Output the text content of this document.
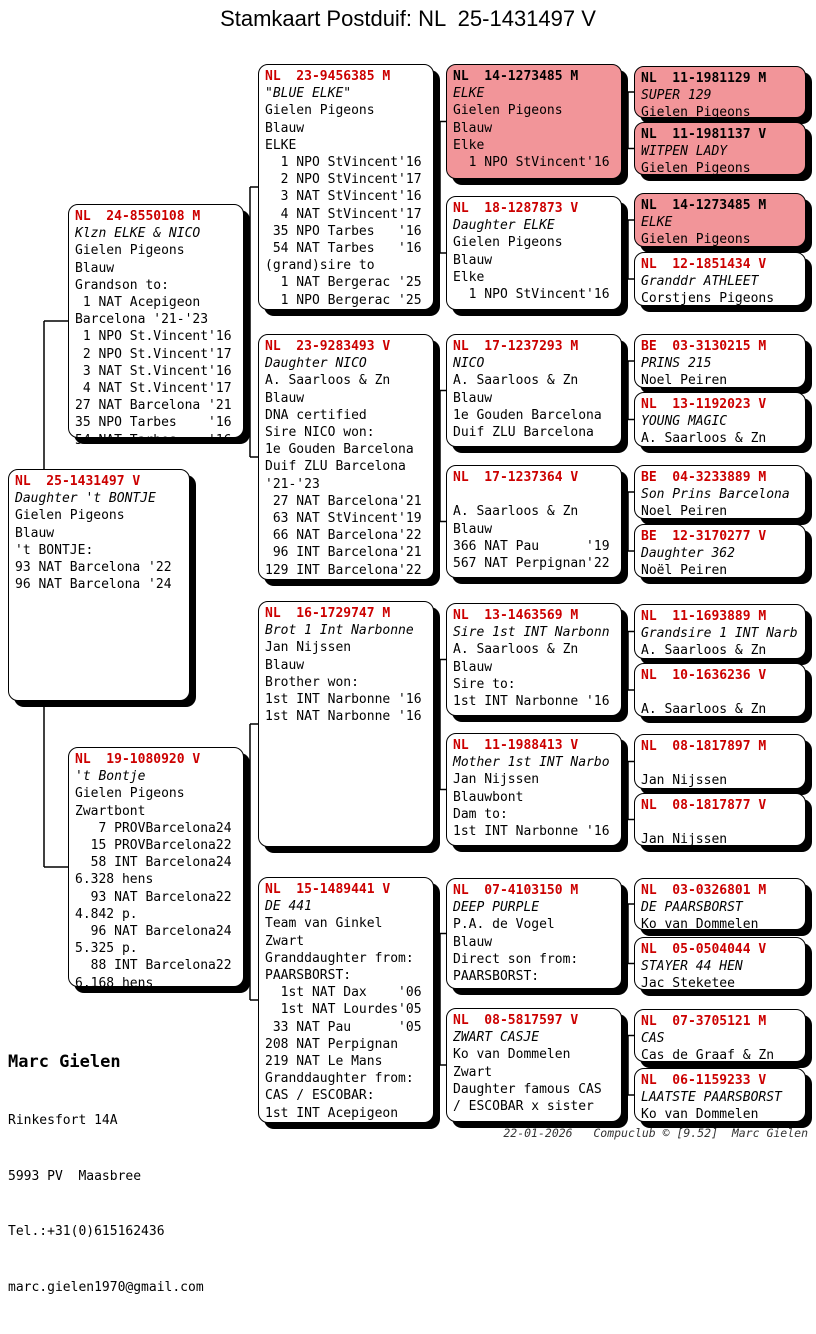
Stamkaart Postduif: NL  25-1431497 V
NL  25-1431497 V
Daughter 't BONTJE
Gielen Pigeons
Blauw
't BONTJE:
93 NAT Barcelona '22
96 NAT Barcelona '24
NL  24-8550108 M
Klzn ELKE & NICO
Gielen Pigeons
Blauw
Grandson to:
1 NAT Acepigeon
Barcelona '21-'23
1 NPO St.Vincent'16
2 NPO St.Vincent'17
3 NAT St.Vincent'16
4 NAT St.Vincent'17
27 NAT Barcelona '21
35 NPO Tarbes    '16
54 NAT Tarbes    '16
NL  19-1080920 V
't Bontje
Gielen Pigeons
Zwartbont
7 PROVBarcelona24
15 PROVBarcelona22
58 INT Barcelona24
6.328 hens
93 NAT Barcelona22
4.842 p.
96 NAT Barcelona24
5.325 p.
88 INT Barcelona22
6.168 hens
NL  23-9456385 M
"BLUE ELKE"
Gielen Pigeons
Blauw
ELKE
1 NPO StVincent'16
2 NPO StVincent'17
3 NAT StVincent'16
4 NAT StVincent'17
35 NPO Tarbes   '16
54 NAT Tarbes   '16
(grand)sire to
1 NAT Bergerac '25
1 NPO Bergerac '25
NL  23-9283493 V
Daughter NICO
A. Saarloos & Zn
Blauw
DNA certified
Sire NICO won:
1e Gouden Barcelona
Duif ZLU Barcelona
'21-'23
27 NAT Barcelona'21
63 NAT StVincent'19
66 NAT Barcelona'22
96 INT Barcelona'21
129 INT Barcelona'22
NL  16-1729747 M
Brot 1 Int Narbonne
Jan Nijssen
Blauw
Brother won:
1st INT Narbonne '16
1st NAT Narbonne '16
NL  15-1489441 V
DE 441
Team van Ginkel
Zwart
Granddaughter from:
PAARSBORST:
1st NAT Dax    '06
1st NAT Lourdes'05
33 NAT Pau      '05
208 NAT Perpignan
219 NAT Le Mans
Granddaughter from:
CAS / ESCOBAR:
1st INT Acepigeon
NL  14-1273485 M
ELKE
Gielen Pigeons
Blauw
Elke
1 NPO StVincent'16
NL  18-1287873 V
Daughter ELKE
Gielen Pigeons
Blauw
Elke
1 NPO StVincent'16
NL  17-1237293 M
NICO
A. Saarloos & Zn
Blauw
1e Gouden Barcelona
Duif ZLU Barcelona
NL  17-1237364 V
A. Saarloos & Zn
Blauw
366 NAT Pau      '19
567 NAT Perpignan'22
NL  13-1463569 M
Sire 1st INT Narbonn
A. Saarloos & Zn
Blauw
Sire to:
1st INT Narbonne '16
NL  11-1988413 V
Mother 1st INT Narbo
Jan Nijssen
Blauwbont
Dam to:
1st INT Narbonne '16
NL  07-4103150 M
DEEP PURPLE
P.A. de Vogel
Blauw
Direct son from:
PAARSBORST:
NL  08-5817597 V
ZWART CASJE
Ko van Dommelen
Zwart
Daughter famous CAS
/ ESCOBAR x sister
NL  11-1981129 M
SUPER 129
Gielen Pigeons
NL  11-1981137 V
WITPEN LADY
Gielen Pigeons
NL  14-1273485 M
ELKE
Gielen Pigeons
NL  12-1851434 V
Granddr ATHLEET
Corstjens Pigeons
BE  03-3130215 M
PRINS 215
Noel Peiren
NL  13-1192023 V
YOUNG MAGIC
A. Saarloos & Zn
BE  04-3233889 M
Son Prins Barcelona
Noel Peiren
BE  12-3170277 V
Daughter 362
Noël Peiren
NL  11-1693889 M
Grandsire 1 INT Narb
A. Saarloos & Zn
NL  10-1636236 V
A. Saarloos & Zn
NL  08-1817897 M
Jan Nijssen
NL  08-1817877 V
Jan Nijssen
NL  03-0326801 M
DE PAARSBORST
Ko van Dommelen
NL  05-0504044 V
STAYER 44 HEN
Jac Steketee
NL  07-3705121 M
CAS
Cas de Graaf & Zn
NL  06-1159233 V
LAATSTE PAARSBORST
Ko van Dommelen

Marc Gielen

Rinkesfort 14A

5993 PV  Maasbree

Tel.:+31(0)615162436

marc.gielen1970@gmail.com

22-01-2026   Compuclub © [9.52]  Marc Gielen
